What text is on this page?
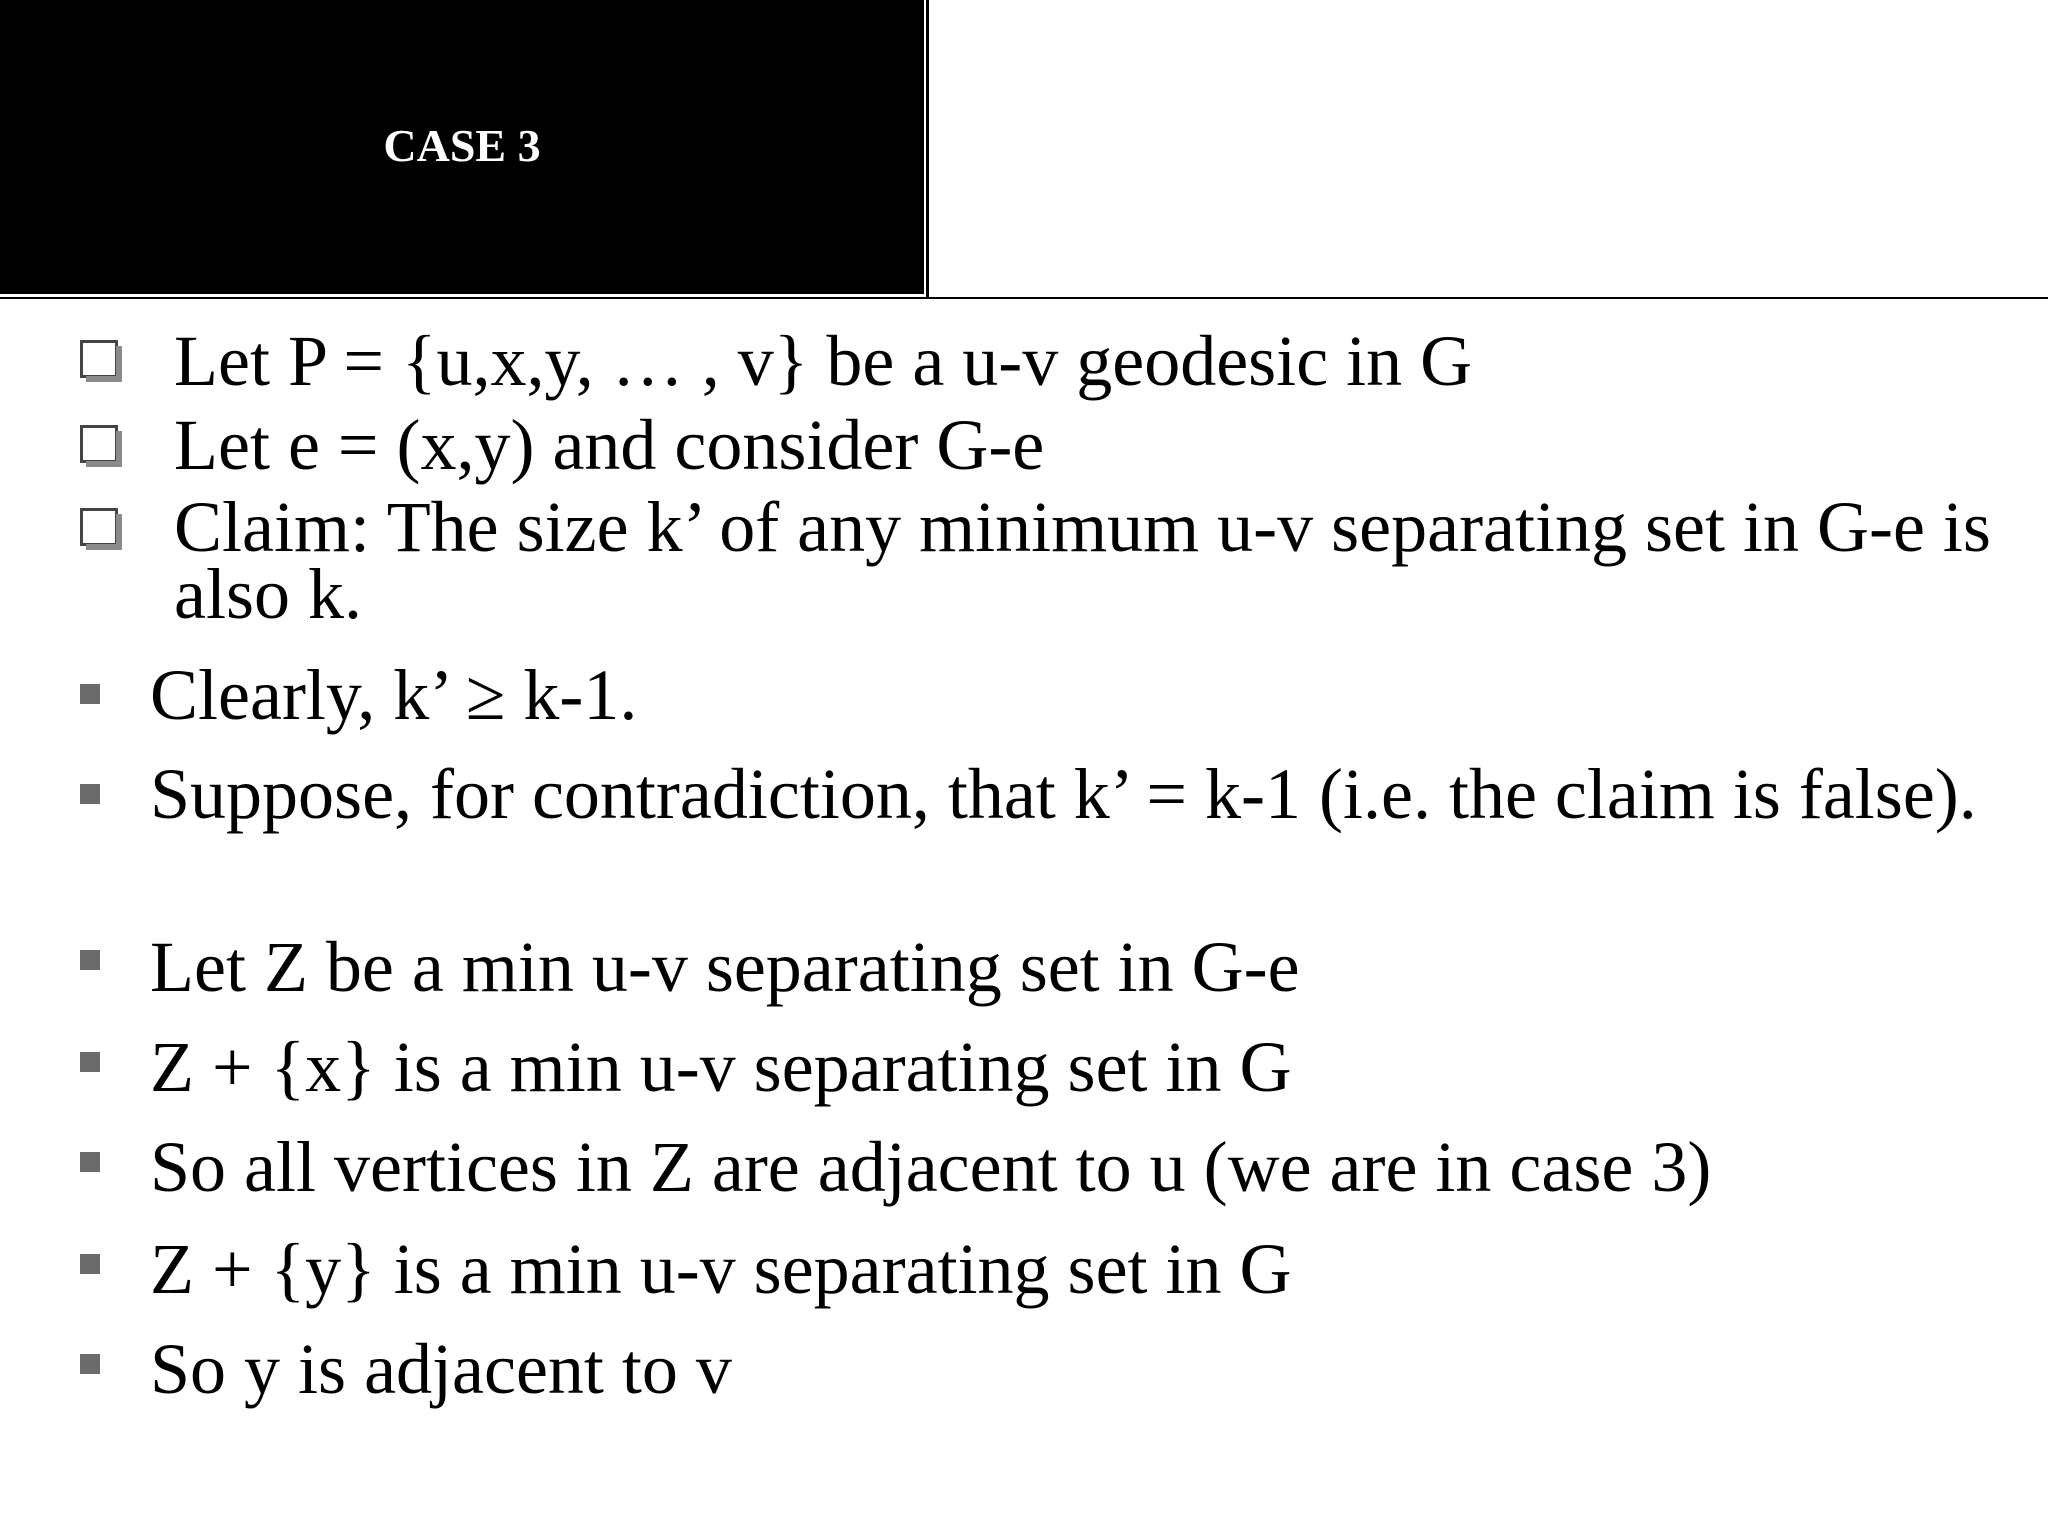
CASE 3

Let P = {u,x,y, … , v} be a u-v geodesic in G

Let e = (x,y) and consider G-e

Claim: The size k’ of any minimum u-v separating set in G-e is also k.

Clearly, k’ ≥ k-1.

Suppose, for contradiction, that k’ = k-1 (i.e. the claim is false).

Let Z be a min u-v separating set in G-e

Z + {x} is a min u-v separating set in G

So all vertices in Z are adjacent to u (we are in case 3)

Z + {y} is a min u-v separating set in G

So y is adjacent to v
